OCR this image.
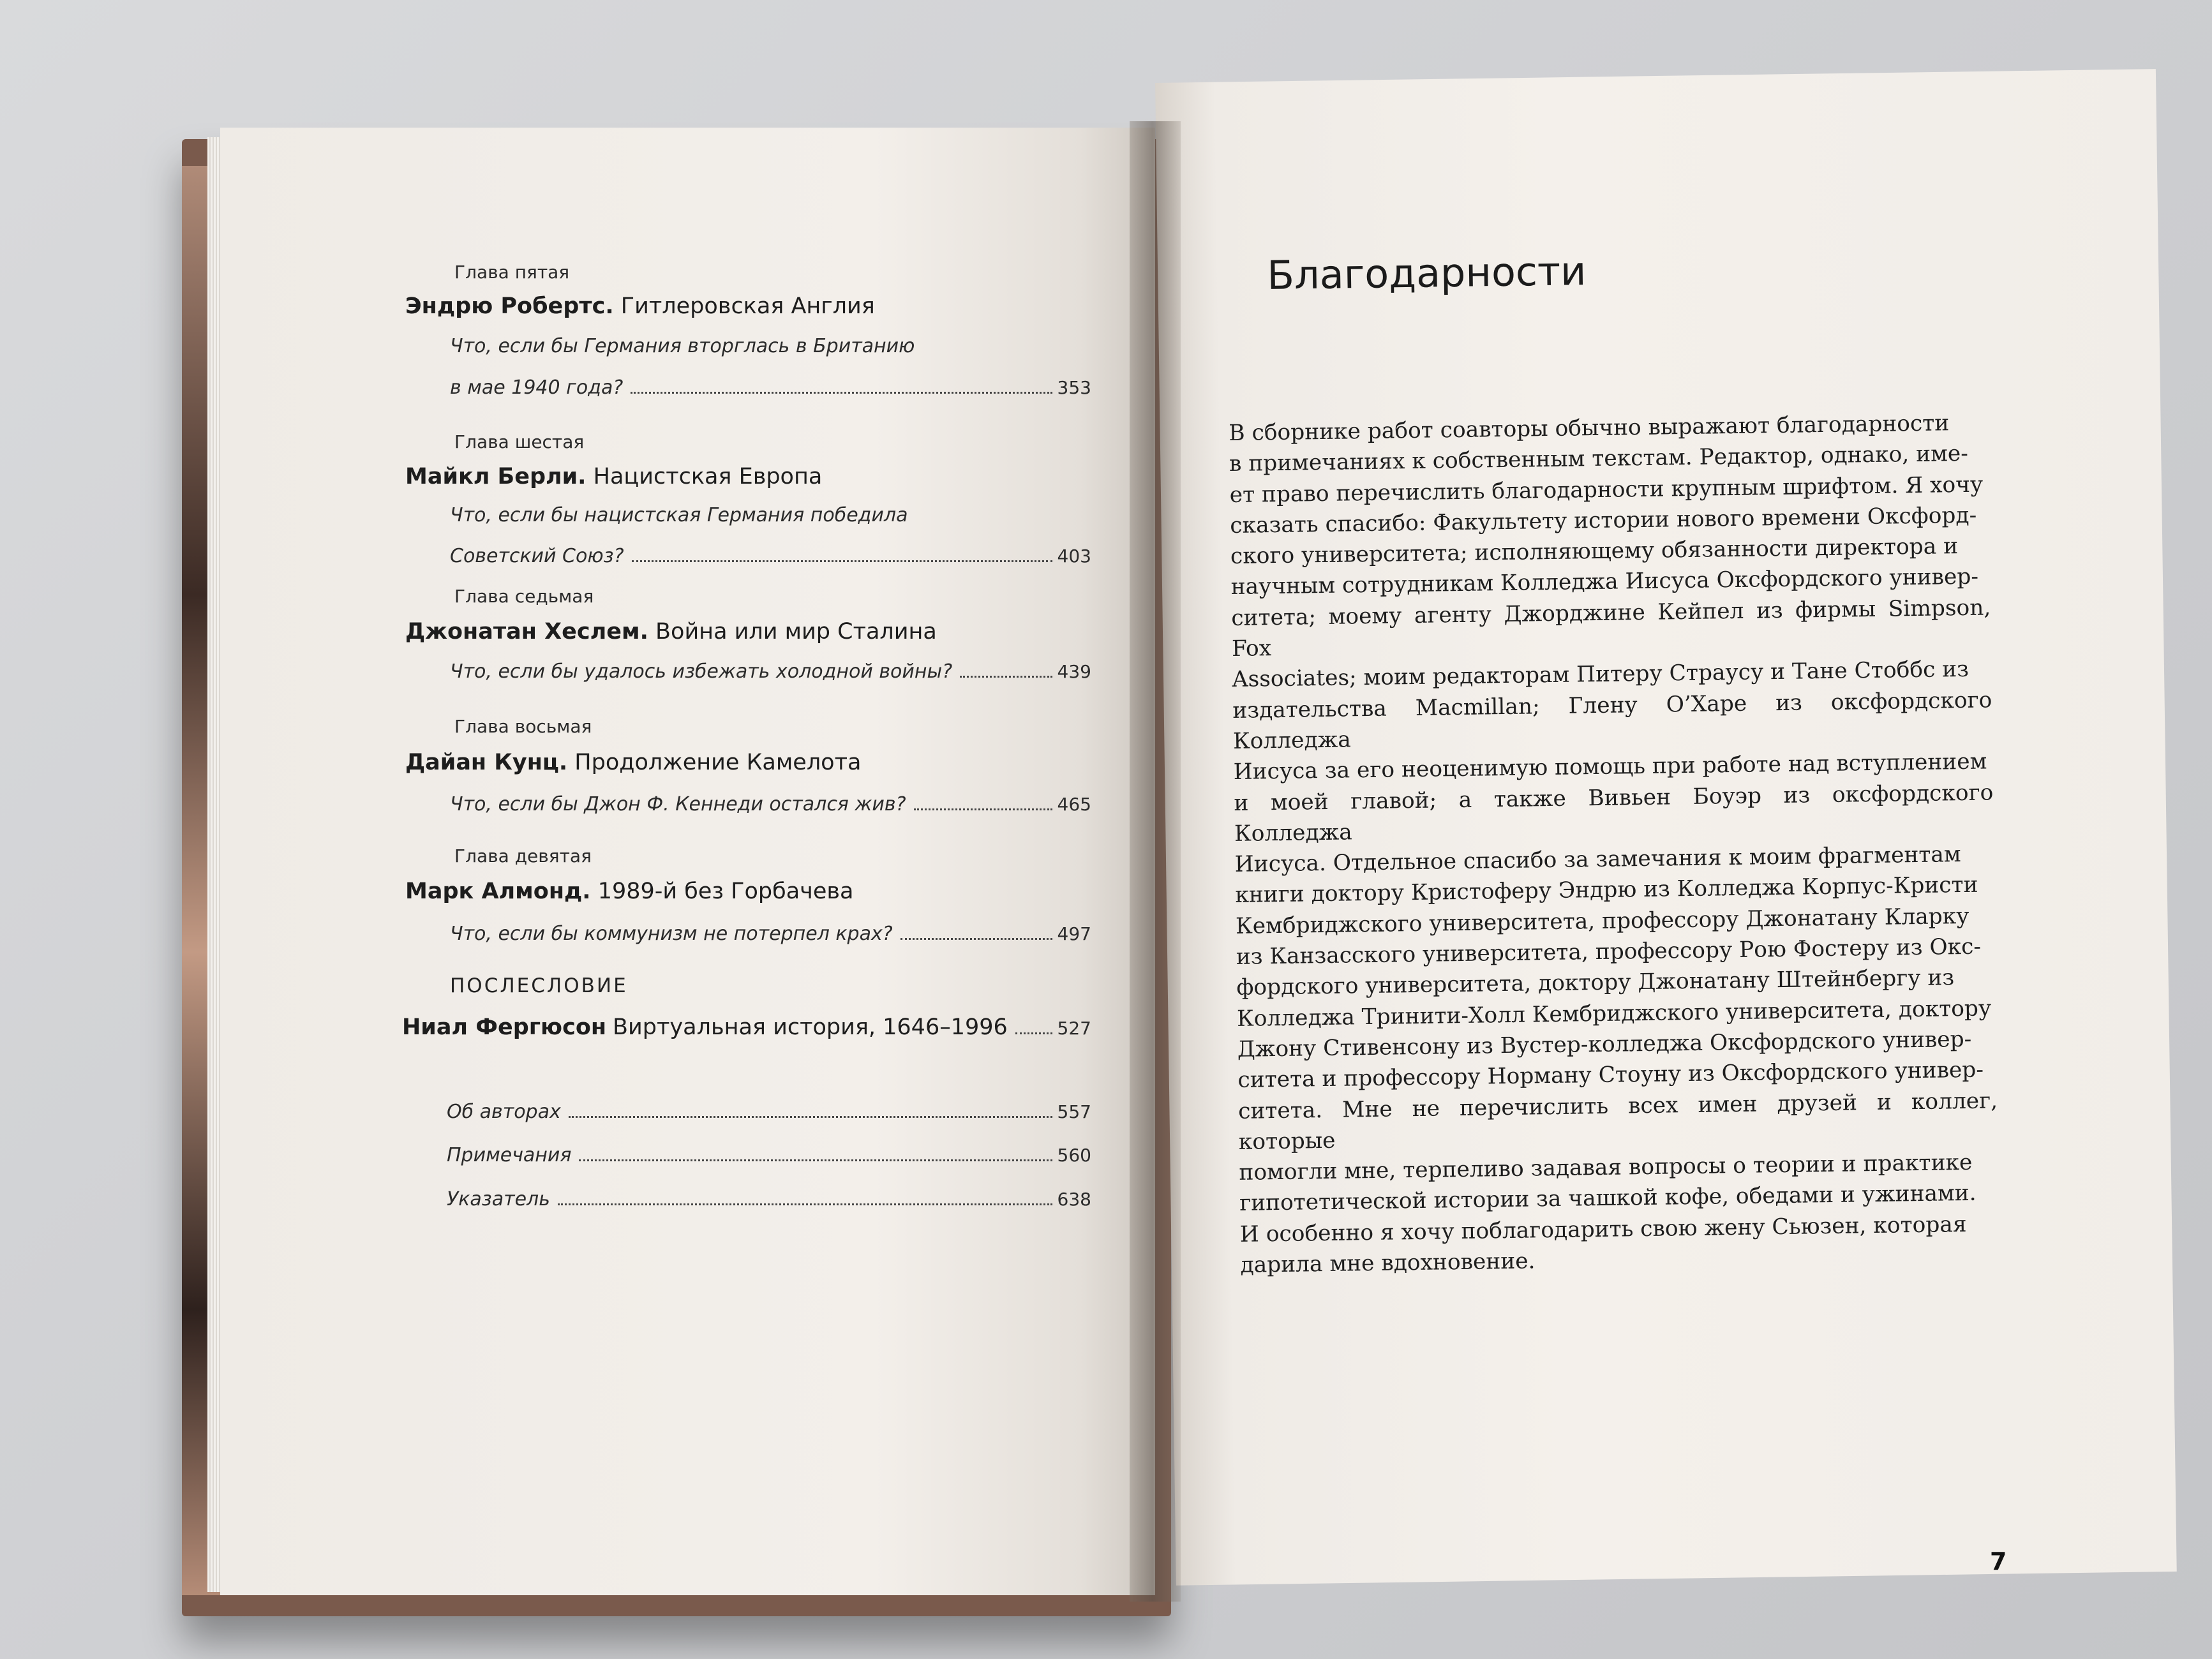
Глава пятая
Эндрю Робертс. Гитлеровская Англия
Что, если бы Германия вторглась в Британию
в мае 1940 года?	353
Глава шестая
Майкл Берли. Нацистская Европа
Что, если бы нацистская Германия победила
Советский Союз?	403
Глава седьмая
Джонатан Хеслем. Война или мир Сталина
Что, если бы удалось избежать холодной войны?	439
Глава восьмая
Дайан Кунц. Продолжение Камелота
Что, если бы Джон Ф. Кеннеди остался жив?	465
Глава девятая
Марк Алмонд. 1989-й без Горбачева
Что, если бы коммунизм не потерпел крах?	497
ПОСЛЕСЛОВИЕ
Ниал Фергюсон Виртуальная история, 1646–1996	527
Об авторах	557
Примечания	560
Указатель	638
Благодарности
В сборнике работ соавторы обычно выражают благодарности
в примечаниях к собственным текстам. Редактор, однако, име-
ет право перечислить благодарности крупным шрифтом. Я хочу
сказать спасибо: Факультету истории нового времени Оксфорд-
ского университета; исполняющему обязанности директора и
научным сотрудникам Колледжа Иисуса Оксфордского универ-
ситета; моему агенту Джорджине Кейпел из фирмы Simpson, Fox
Associates; моим редакторам Питеру Страусу и Тане Стоббс из
издательства Macmillan; Глену О’Харе из оксфордского Колледжа
Иисуса за его неоценимую помощь при работе над вступлением
и моей главой; а также Вивьен Боуэр из оксфордского Колледжа
Иисуса. Отдельное спасибо за замечания к моим фрагментам
книги доктору Кристоферу Эндрю из Колледжа Корпус-Кристи
Кембриджского университета, профессору Джонатану Кларку
из Канзасского университета, профессору Рою Фостеру из Окс-
фордского университета, доктору Джонатану Штейнбергу из
Колледжа Тринити-Холл Кембриджского университета, доктору
Джону Стивенсону из Вустер-колледжа Оксфордского универ-
ситета и профессору Норману Стоуну из Оксфордского универ-
ситета. Мне не перечислить всех имен друзей и коллег, которые
помогли мне, терпеливо задавая вопросы о теории и практике
гипотетической истории за чашкой кофе, обедами и ужинами.
И особенно я хочу поблагодарить свою жену Сьюзен, которая
дарила мне вдохновение.
7
